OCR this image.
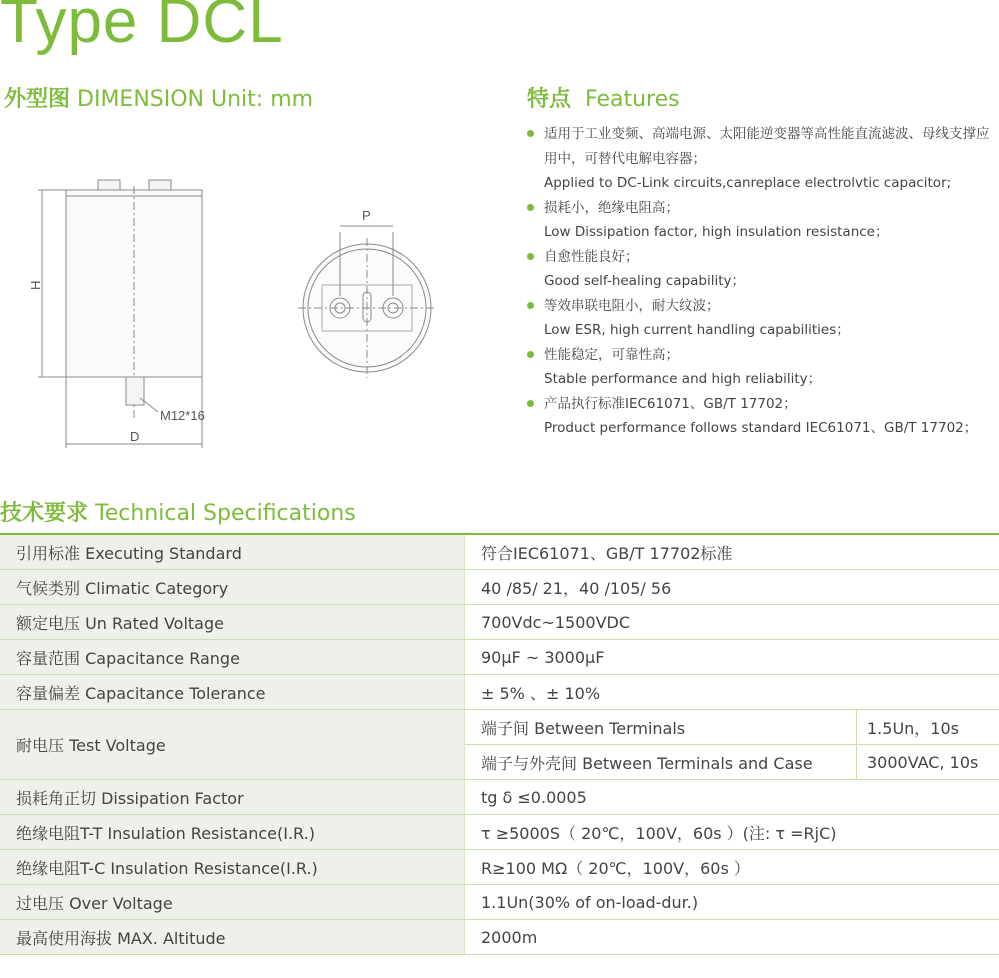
Type DCL
外型图 DIMENSION Unit: mm	特点 Features
H
P
D
M12*16
适用于工业变频、高端电源、太阳能逆变器等高性能直流滤波、母线支撑应
用中，可替代电解电容器；
Applied to DC-Link circuits,canreplace electrolvtic capacitor;
损耗小，绝缘电阻高；
Low Dissipation factor, high insulation resistance；
自愈性能良好；
Good self-healing capability；
等效串联电阻小，耐大纹波；
Low ESR, high current handling capabilities；
性能稳定，可靠性高；
Stable performance and high reliability；
产品执行标准IEC61071、GB/T 17702；
Product performance follows standard IEC61071、GB/T 17702；
技术要求 Technical Specifications
引用标准 Executing Standard	符合IEC61071、GB/T 17702标准	
气候类别 Climatic Category	40 /85/ 21，40 /105/ 56	
额定电压 Un Rated Voltage	700Vdc~1500VDC	
容量范围 Capacitance Range	90μF ~ 3000μF	
容量偏差 Capacitance Tolerance	± 5% 、± 10%	
耐电压 Test Voltage	端子间 Between Terminals	1.5Un，10s
	端子与外壳间 Between Terminals and Case	3000VAC, 10s
损耗角正切 Dissipation Factor	tg δ ≤0.0005	
绝缘电阻T-T Insulation Resistance(I.R.)	τ ≥5000S（ 20℃，100V，60s ）(注: τ =RjC)	
绝缘电阻T-C Insulation Resistance(I.R.)	R≥100 MΩ（ 20℃，100V，60s ）	
过电压 Over Voltage	1.1Un(30% of on-load-dur.)	
最高使用海拔 MAX. Altitude	2000m	
